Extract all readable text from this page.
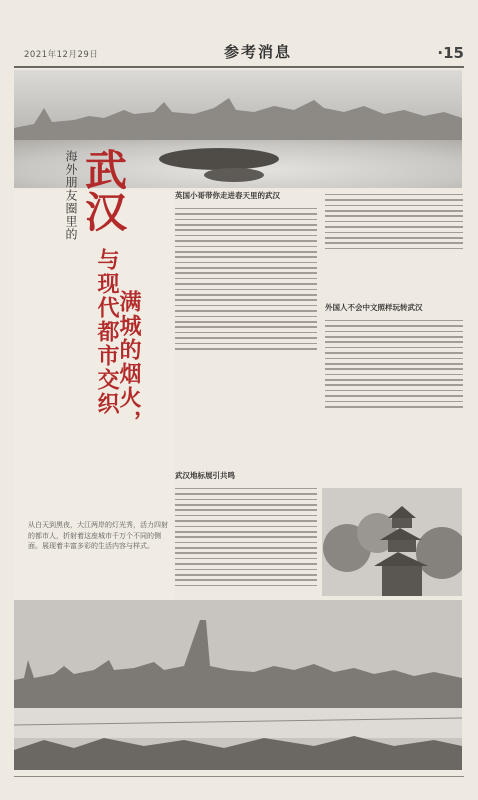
2021年12月29日	参考消息	·15
海外朋友圈里的 武汉
与现代都市交织
满城的烟火，
从白天到黑夜，大江两岸的灯光秀，活力四射的都市人，折射着这座城市千万个不同的侧面。展现着丰富多彩的生活内容与样式。
英国小哥带你走进春天里的武汉
武汉地标展引共鸣
外国人不会中文照样玩转武汉
